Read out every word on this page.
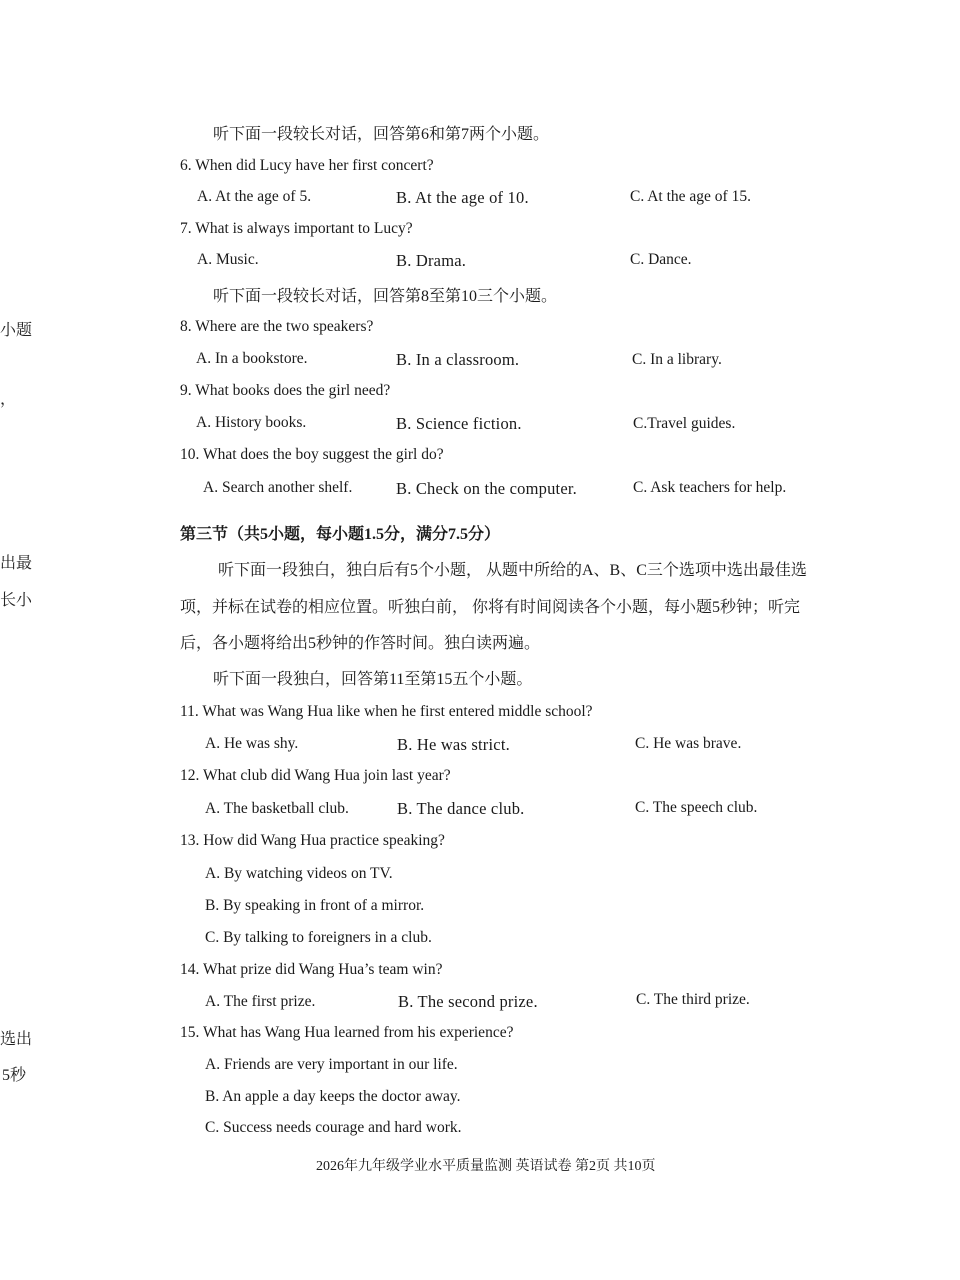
小题
，
出最
长小
选出
5秒
听下面一段较长对话，回答第6和第7两个小题。
6. When did Lucy have her first concert?
A. At the age of 5.	B. At the age of 10.	C. At the age of 15.
7. What is always important to Lucy?
A. Music.	B. Drama.	C. Dance.
听下面一段较长对话，回答第8至第10三个小题。
8. Where are the two speakers?
A. In a bookstore.	B. In a classroom.	C. In a library.
9. What books does the girl need?
A. History books.	B. Science fiction.	C.Travel guides.
10. What does the boy suggest the girl do?
A. Search another shelf.	B. Check on the computer.	C. Ask teachers for help.
第三节（共5小题，每小题1.5分，满分7.5分）
听下面一段独白，独白后有5个小题， 从题中所给的A、B、C三个选项中选出最佳选
项，并标在试卷的相应位置。听独白前， 你将有时间阅读各个小题，每小题5秒钟；听完
后，各小题将给出5秒钟的作答时间。独白读两遍。
听下面一段独白，回答第11至第15五个小题。
11. What was Wang Hua like when he first entered middle school?
A. He was shy.	B. He was strict.	C. He was brave.
12. What club did Wang Hua join last year?
A. The basketball club.	B. The dance club.	C. The speech club.
13. How did Wang Hua practice speaking?
A. By watching videos on TV.
B. By speaking in front of a mirror.
C. By talking to foreigners in a club.
14. What prize did Wang Hua’s team win?
A. The first prize.	B. The second prize.	C. The third prize.
15. What has Wang Hua learned from his experience?
A. Friends are very important in our life.
B. An apple a day keeps the doctor away.
C. Success needs courage and hard work.
2026年九年级学业水平质量监测 英语试卷 第2页 共10页
